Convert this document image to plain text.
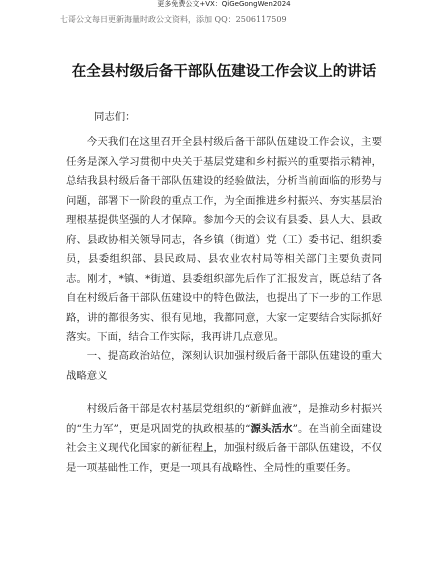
更多免费公文+VX：QiGeGongWen2024
七哥公文每日更新海量时政公文资料，添加 QQ：2506117509
在全县村级后备干部队伍建设工作会议上的讲话

同志们：

今天我们在这里召开全县村级后备干部队伍建设工作会议，主要任务是深入学习贯彻中央关于基层党建和乡村振兴的重要指示精神，总结我县村级后备干部队伍建设的经验做法，分析当前面临的形势与问题，部署下一阶段的重点工作，为全面推进乡村振兴、夯实基层治理根基提供坚强的人才保障。参加今天的会议有县委、县人大、县政府、县政协相关领导同志，各乡镇（街道）党（工）委书记、组织委员，县委组织部、县民政局、县农业农村局等相关部门主要负责同志。刚才，*镇、*街道、县委组织部先后作了汇报发言，既总结了各自在村级后备干部队伍建设中的特色做法，也提出了下一步的工作思路，讲的都很务实、很有见地，我都同意，大家一定要结合实际抓好落实。下面，结合工作实际，我再讲几点意见。

一、提高政治站位，深刻认识加强村级后备干部队伍建设的重大战略意义

村级后备干部是农村基层党组织的“新鲜血液”，是推动乡村振兴的“生力军”，更是巩固党的执政根基的“源头活水”。在当前全面建设社会主义现代化国家的新征程上，加强村级后备干部队伍建设，不仅是一项基础性工作，更是一项具有战略性、全局性的重要任务。
